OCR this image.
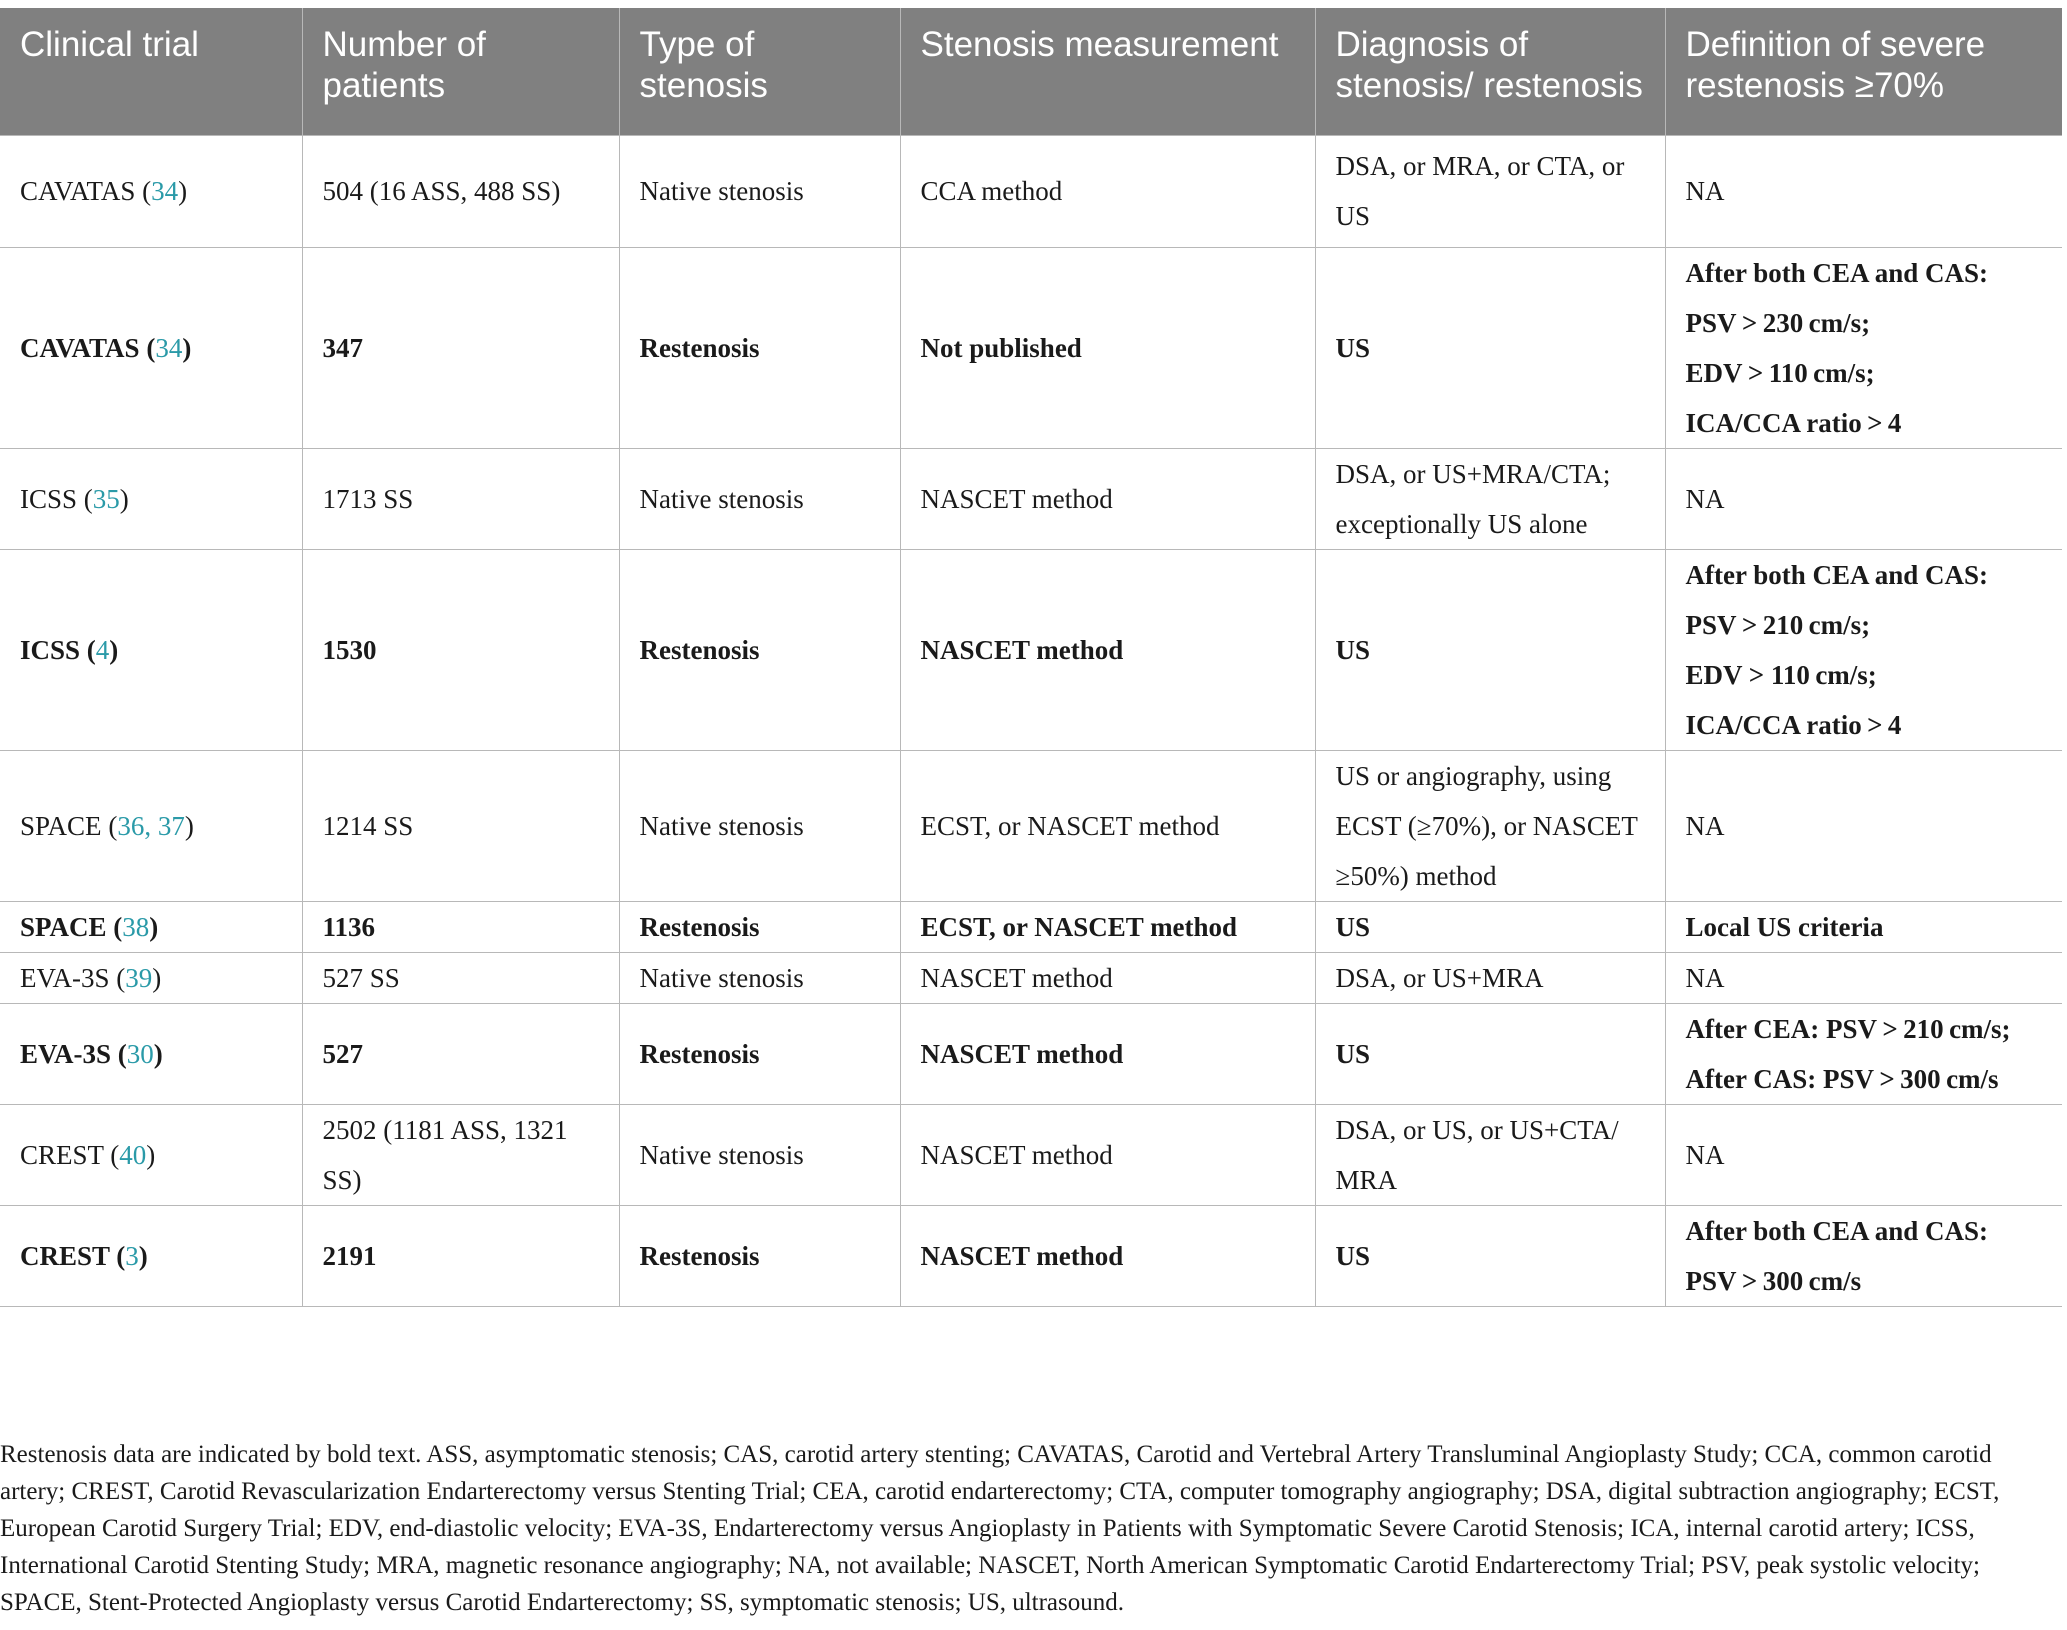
Clinical trial	Number of patients	Type of stenosis	Stenosis measurement	Diagnosis of stenosis/ restenosis	Definition of severe restenosis ≥70%
CAVATAS (34)	504 (16 ASS, 488 SS)	Native stenosis	CCA method	DSA, or MRA, or CTA, or US	NA

CAVATAS (34)	347	Restenosis	Not published	US	After both CEA and CAS:
PSV > 230 cm/s;
EDV > 110 cm/s;
ICA/CCA ratio > 4

ICSS (35)	1713 SS	Native stenosis	NASCET method	DSA, or US+MRA/CTA; exceptionally US alone	NA

ICSS (4)	1530	Restenosis	NASCET method	US	After both CEA and CAS:
PSV > 210 cm/s;
EDV > 110 cm/s;
ICA/CCA ratio > 4

SPACE (36, 37)	1214 SS	Native stenosis	ECST, or NASCET method	US or angiography, using ECST (≥70%), or NASCET ≥50%) method	NA

SPACE (38)	1136	Restenosis	ECST, or NASCET method	US	Local US criteria

EVA-3S (39)	527 SS	Native stenosis	NASCET method	DSA, or US+MRA	NA

EVA-3S (30)	527	Restenosis	NASCET method	US	After CEA: PSV > 210 cm/s;
After CAS: PSV > 300 cm/s

CREST (40)	2502 (1181 ASS, 1321 SS)	Native stenosis	NASCET method	DSA, or US, or US+CTA/ MRA	NA

CREST (3)	2191	Restenosis	NASCET method	US	After both CEA and CAS:
PSV > 300 cm/s
Restenosis data are indicated by bold text. ASS, asymptomatic stenosis; CAS, carotid artery stenting; CAVATAS, Carotid and Vertebral Artery Transluminal Angioplasty Study; CCA, common carotid artery; CREST, Carotid Revascularization Endarterectomy versus Stenting Trial; CEA, carotid endarterectomy; CTA, computer tomography angiography; DSA, digital subtraction angiography; ECST, European Carotid Surgery Trial; EDV, end-diastolic velocity; EVA-3S, Endarterectomy versus Angioplasty in Patients with Symptomatic Severe Carotid Stenosis; ICA, internal carotid artery; ICSS, International Carotid Stenting Study; MRA, magnetic resonance angiography; NA, not available; NASCET, North American Symptomatic Carotid Endarterectomy Trial; PSV, peak systolic velocity; SPACE, Stent-Protected Angioplasty versus Carotid Endarterectomy; SS, symptomatic stenosis; US, ultrasound.
